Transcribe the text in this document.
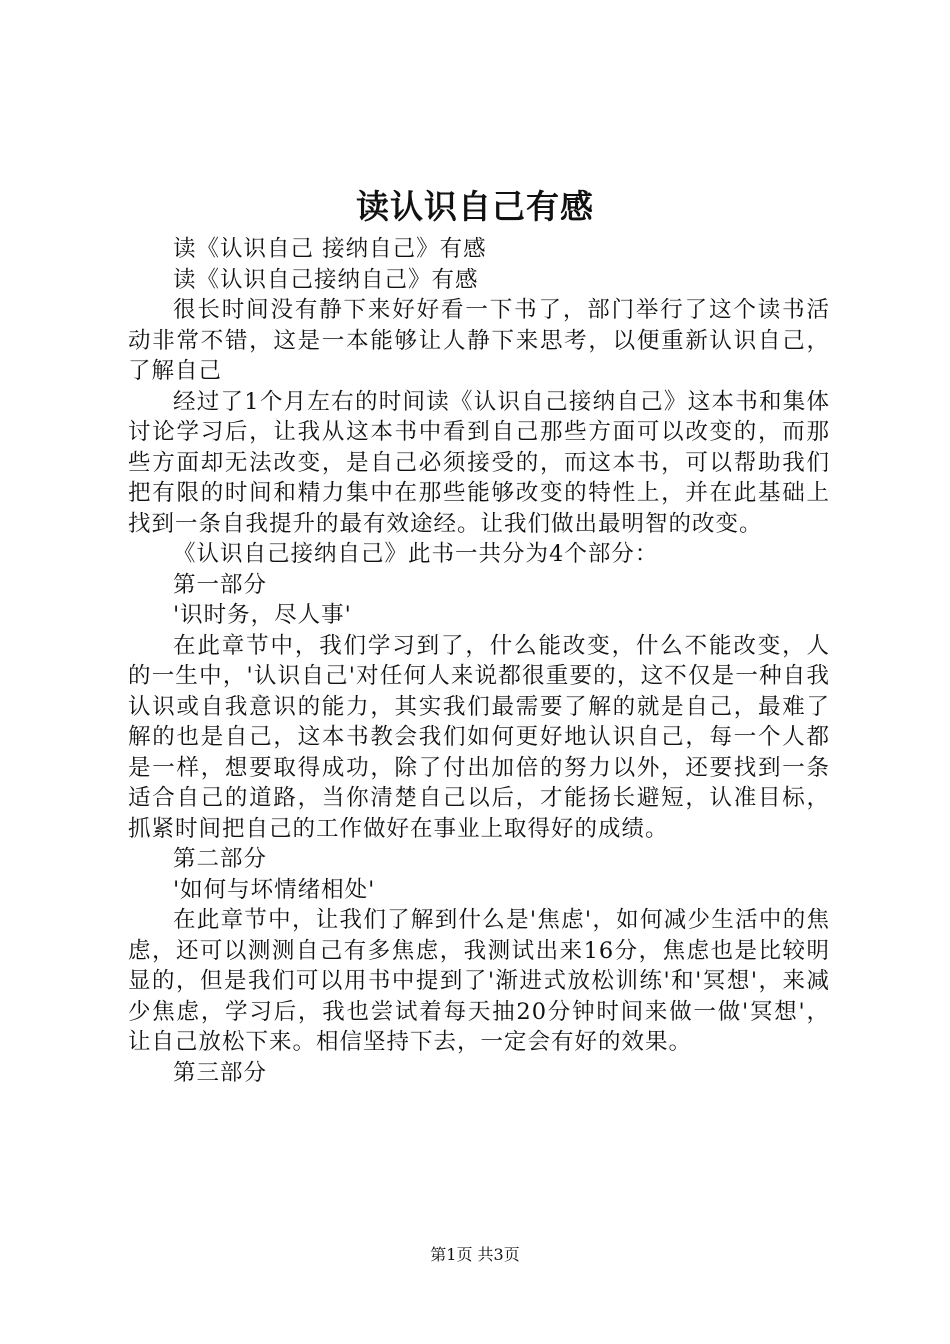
读认识自己有感

读《认识自己 接纳自己》有感

读《认识自己接纳自己》有感

很长时间没有静下来好好看一下书了，部门举行了这个读书活动非常不错，这是一本能够让人静下来思考，以便重新认识自己，了解自己

经过了1个月左右的时间读《认识自己接纳自己》这本书和集体讨论学习后，让我从这本书中看到自己那些方面可以改变的，而那些方面却无法改变，是自己必须接受的，而这本书，可以帮助我们把有限的时间和精力集中在那些能够改变的特性上，并在此基础上找到一条自我提升的最有效途经。让我们做出最明智的改变。

《认识自己接纳自己》此书一共分为4个部分：

第一部分

'识时务，尽人事'

在此章节中，我们学习到了，什么能改变，什么不能改变，人的一生中，'认识自己'对任何人来说都很重要的，这不仅是一种自我认识或自我意识的能力，其实我们最需要了解的就是自己，最难了解的也是自己，这本书教会我们如何更好地认识自己，每一个人都是一样，想要取得成功，除了付出加倍的努力以外，还要找到一条适合自己的道路，当你清楚自己以后，才能扬长避短，认准目标，抓紧时间把自己的工作做好在事业上取得好的成绩。

第二部分

'如何与坏情绪相处'

在此章节中，让我们了解到什么是'焦虑'，如何减少生活中的焦虑，还可以测测自己有多焦虑，我测试出来16分，焦虑也是比较明显的，但是我们可以用书中提到了'渐进式放松训练'和'冥想'，来减少焦虑，学习后，我也尝试着每天抽20分钟时间来做一做'冥想'，让自己放松下来。相信坚持下去，一定会有好的效果。

第三部分

第1页 共3页
